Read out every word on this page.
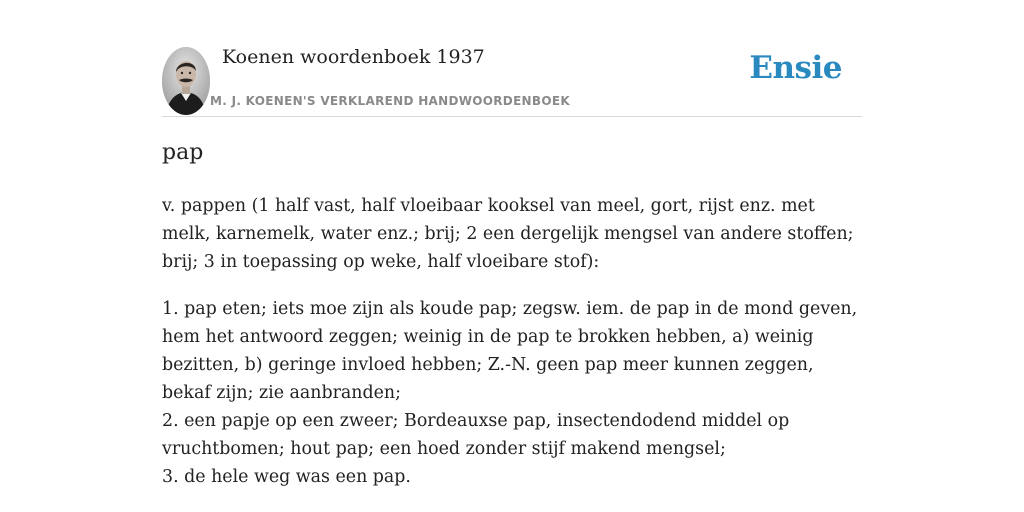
Koenen woordenboek 1937
M. J. KOENEN'S VERKLAREND HANDWOORDENBOEK
Ensie
pap

v. pappen (1 half vast, half vloeibaar kooksel van meel, gort, rijst enz. met melk, karnemelk, water enz.; brij; 2 een dergelijk mengsel van andere stoffen; brij; 3 in toepassing op weke, half vloeibare stof):

1. pap eten; iets moe zijn als koude pap; zegsw. iem. de pap in de mond geven, hem het antwoord zeggen; weinig in de pap te brokken hebben, a) weinig bezitten, b) geringe invloed hebben; Z.-N. geen pap meer kunnen zeggen, bekaf zijn; zie aanbranden;

2. een papje op een zweer; Bordeauxse pap, insectendodend middel op vruchtbomen; hout pap; een hoed zonder stijf makend mengsel;

3. de hele weg was een pap.
